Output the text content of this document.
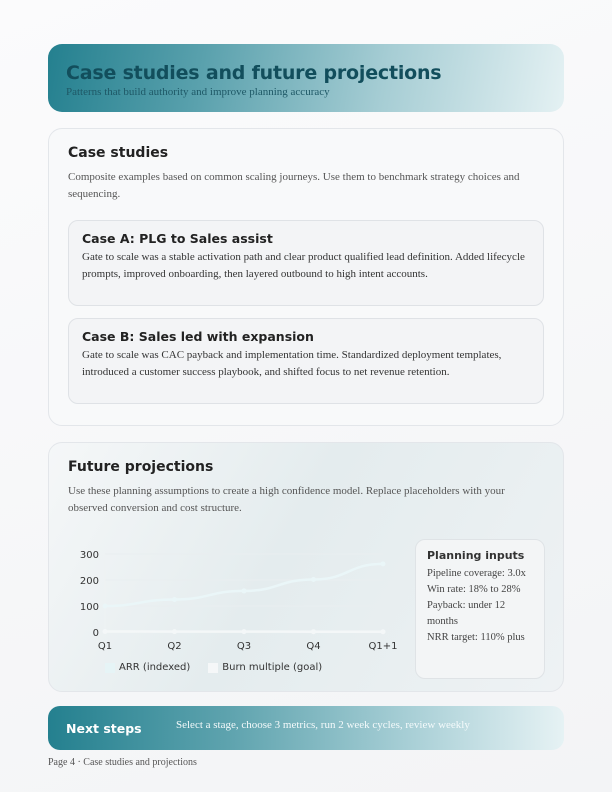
Case studies and future projections
Patterns that build authority and improve planning accuracy
Case studies
Composite examples based on common scaling journeys. Use them to benchmark strategy choices and sequencing.
Case A: PLG to Sales assist
Gate to scale was a stable activation path and clear product qualified lead definition. Added lifecycle prompts, improved onboarding, then layered outbound to high intent accounts.
Case B: Sales led with expansion
Gate to scale was CAC payback and implementation time. Standardized deployment templates, introduced a customer success playbook, and shifted focus to net revenue retention.
Future projections
Use these planning assumptions to create a high confidence model. Replace placeholders with your observed conversion and cost structure.
0
100
200
300
Q1	Q2	Q3	Q4	Q1+1
ARR (indexed)	Burn multiple (goal)
Planning inputs
Pipeline coverage: 3.0x
Win rate: 18% to 28%
Payback: under 12 months
NRR target: 110% plus
Next steps	Select a stage, choose 3 metrics, run 2 week cycles, review weekly
Page 4 · Case studies and projections
